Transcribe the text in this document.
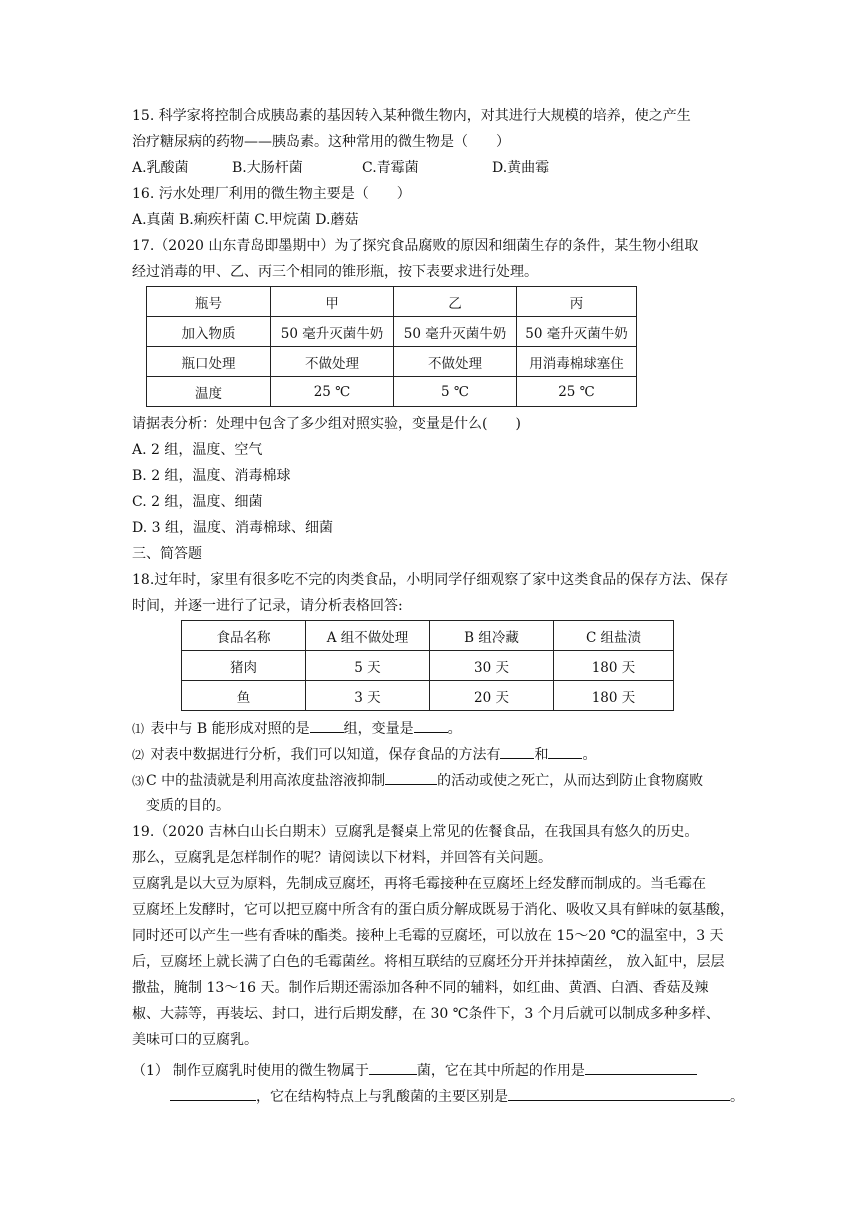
15. 科学家将控制合成胰岛素的基因转入某种微生物内，对其进行大规模的培养，使之产生
治疗糖尿病的药物——胰岛素。这种常用的微生物是（　　）
A.乳酸菌	B.大肠杆菌	C.青霉菌	D.黄曲霉
16. 污水处理厂利用的微生物主要是（　　）
A.真菌 B.痢疾杆菌 C.甲烷菌 D.蘑菇
17.（2020 山东青岛即墨期中）为了探究食品腐败的原因和细菌生存的条件，某生物小组取
经过消毒的甲、乙、丙三个相同的锥形瓶，按下表要求进行处理。
瓶号	甲	乙	丙
加入物质	50 毫升灭菌牛奶	50 毫升灭菌牛奶	50 毫升灭菌牛奶
瓶口处理	不做处理	不做处理	用消毒棉球塞住
温度	25 ℃	5 ℃	25 ℃
请据表分析：处理中包含了多少组对照实验，变量是什么(　　)
A. 2 组，温度、空气
B. 2 组，温度、消毒棉球
C. 2 组，温度、细菌
D. 3 组，温度、消毒棉球、细菌
三、简答题
18.过年时，家里有很多吃不完的肉类食品，小明同学仔细观察了家中这类食品的保存方法、保存
时间，并逐一进行了记录，请分析表格回答:
食品名称	A 组不做处理	B 组冷藏	C 组盐渍
猪肉	5 天	30 天	180 天
鱼	3 天	20 天	180 天
⑴ 表中与 B 能形成对照的是 组，变量是 。
⑵ 对表中数据进行分析，我们可以知道，保存食品的方法有 和 。
⑶ C 中的盐渍就是利用高浓度盐溶液抑制	的活动或使之死亡，从而达到防止食物腐败
变质的目的。
19.（2020 吉林白山长白期末）豆腐乳是餐桌上常见的佐餐食品，在我国具有悠久的历史。
那么，豆腐乳是怎样制作的呢？请阅读以下材料，并回答有关问题。
豆腐乳是以大豆为原料，先制成豆腐坯，再将毛霉接种在豆腐坯上经发酵而制成的。当毛霉在
豆腐坯上发酵时，它可以把豆腐中所含有的蛋白质分解成既易于消化、吸收又具有鲜味的氨基酸，
同时还可以产生一些有香味的酯类。接种上毛霉的豆腐坯，可以放在 15～20 ℃的温室中，3 天
后，豆腐坯上就长满了白色的毛霉菌丝。将相互联结的豆腐坯分开并抹掉菌丝， 放入缸中，层层
撒盐，腌制 13～16 天。制作后期还需添加各种不同的辅料，如红曲、黄酒、白酒、香菇及辣
椒、大蒜等，再装坛、封口，进行后期发酵，在 30 ℃条件下，3 个月后就可以制成多种多样、
美味可口的豆腐乳。
（1） 制作豆腐乳时使用的微生物属于	菌，它在其中所起的作用是
，它在结构特点上与乳酸菌的主要区别是	。
